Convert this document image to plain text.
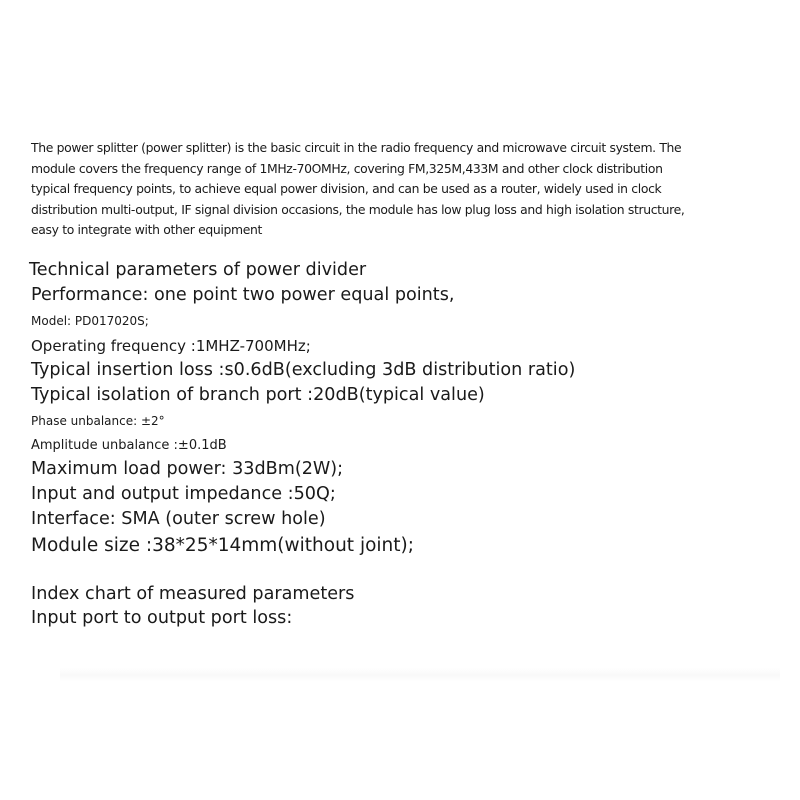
The power splitter (power splitter) is the basic circuit in the radio frequency and microwave circuit system. The
module covers the frequency range of 1MHz-70OMHz, covering FM,325M,433M and other clock distribution
typical frequency points, to achieve equal power division, and can be used as a router, widely used in clock
distribution multi-output, IF signal division occasions, the module has low plug loss and high isolation structure,
easy to integrate with other equipment
Technical parameters of power divider
Performance: one point two power equal points,
Model: PD017020S;
Operating frequency :1MHZ-700MHz;
Typical insertion loss :s0.6dB(excluding 3dB distribution ratio)
Typical isolation of branch port :20dB(typical value)
Phase unbalance: ±2°
Amplitude unbalance :±0.1dB
Maximum load power: 33dBm(2W);
Input and output impedance :50Q;
Interface: SMA (outer screw hole)
Module size :38*25*14mm(without joint);
Index chart of measured parameters
Input port to output port loss:
